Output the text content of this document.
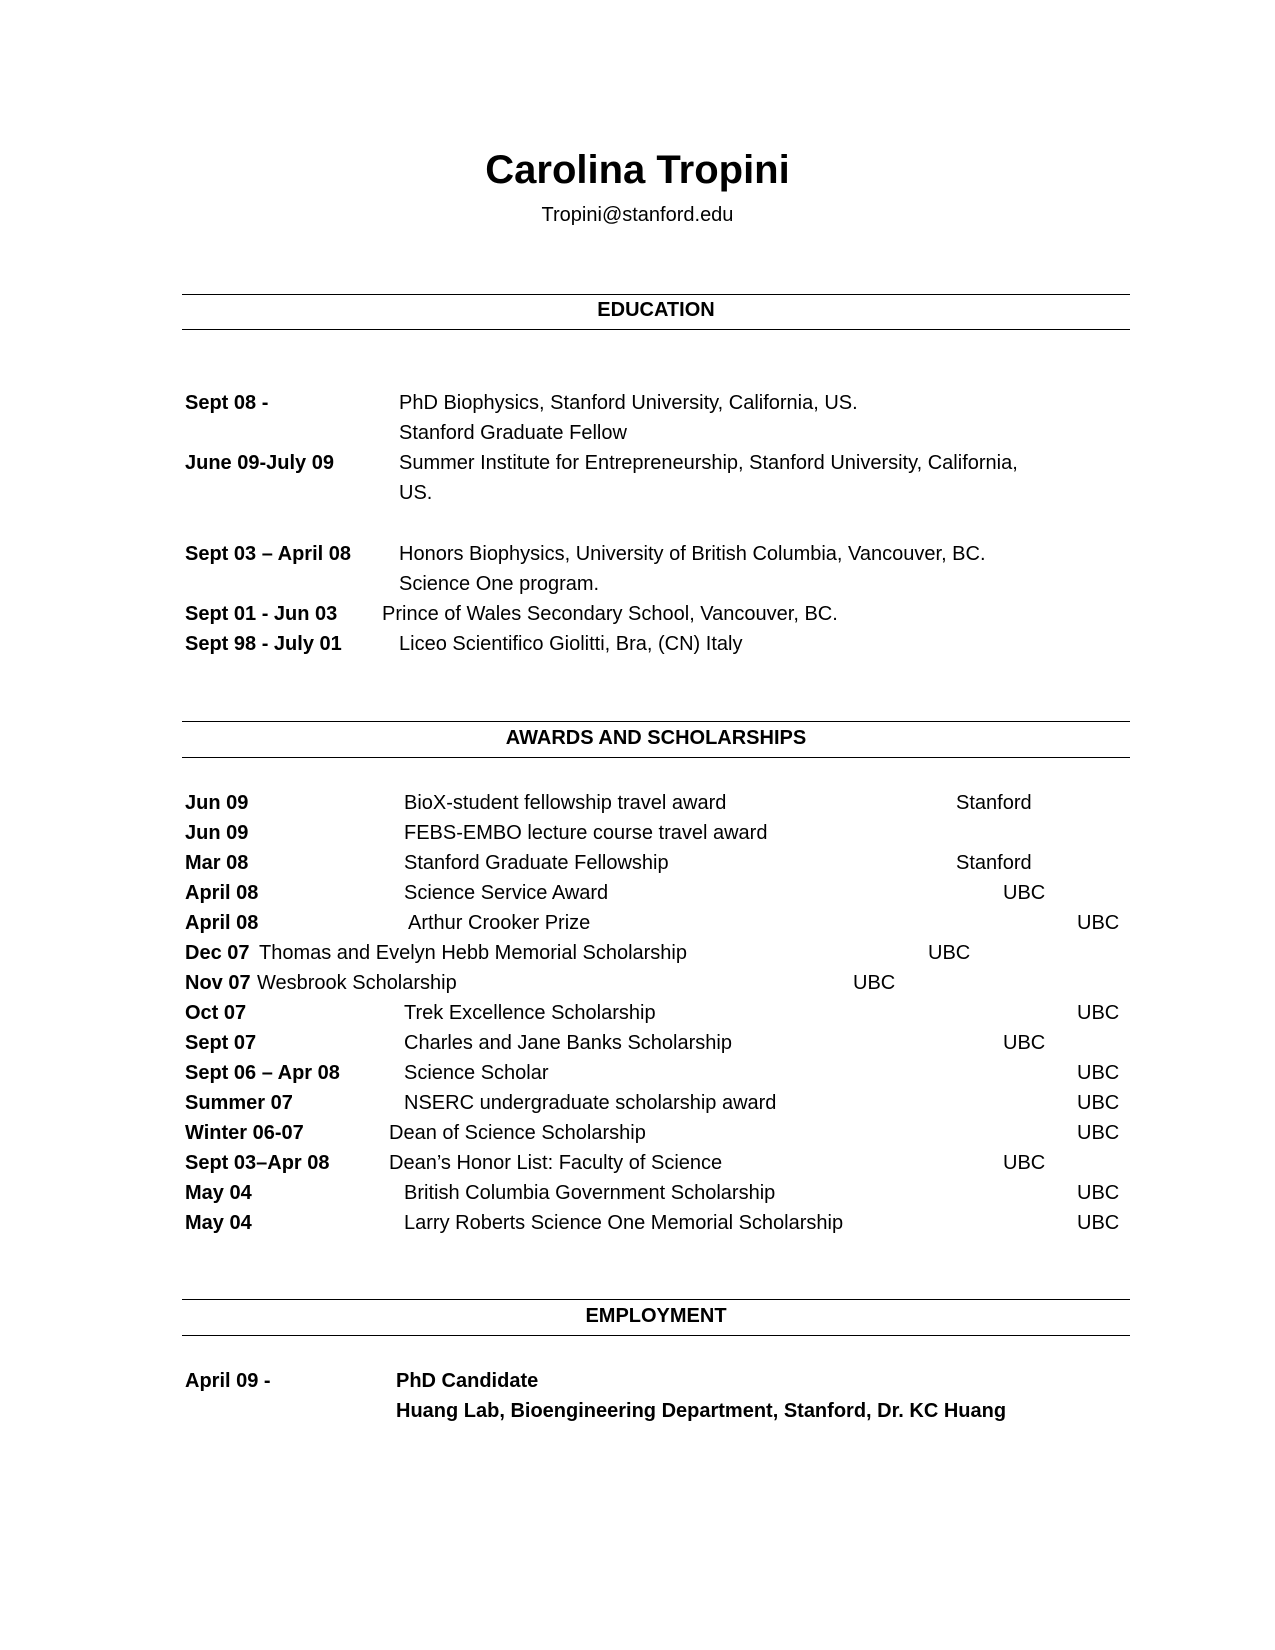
Carolina Tropini
Tropini@stanford.edu
EDUCATION
Sept 08 -	PhD Biophysics, Stanford University, California, US.
Stanford Graduate Fellow
June 09-July 09	Summer Institute for Entrepreneurship, Stanford University, California,
US.
Sept 03 – April 08 Honors Biophysics, University of British Columbia, Vancouver, BC.
Science One program.
Sept 01 - Jun 03 Prince of Wales Secondary School, Vancouver, BC.
Sept 98 - July 01	Liceo Scientifico Giolitti, Bra, (CN) Italy
AWARDS AND SCHOLARSHIPS
Jun 09	BioX-student fellowship travel award	Stanford
Jun 09	FEBS-EMBO lecture course travel award
Mar 08	Stanford Graduate Fellowship	Stanford
April 08	Science Service Award	UBC
April 08	Arthur Crooker Prize	UBC
Dec 07 Thomas and Evelyn Hebb Memorial Scholarship	UBC
Nov 07 Wesbrook Scholarship	UBC
Oct 07	Trek Excellence Scholarship	UBC
Sept 07	Charles and Jane Banks Scholarship	UBC
Sept 06 – Apr 08	Science Scholar	UBC
Summer 07	NSERC undergraduate scholarship award	UBC
Winter 06-07	Dean of Science Scholarship	UBC
Sept 03–Apr 08	Dean’s Honor List: Faculty of Science	UBC
May 04	British Columbia Government Scholarship	UBC
May 04	Larry Roberts Science One Memorial Scholarship	UBC
EMPLOYMENT
April 09 -	PhD Candidate
Huang Lab, Bioengineering Department, Stanford, Dr. KC Huang
